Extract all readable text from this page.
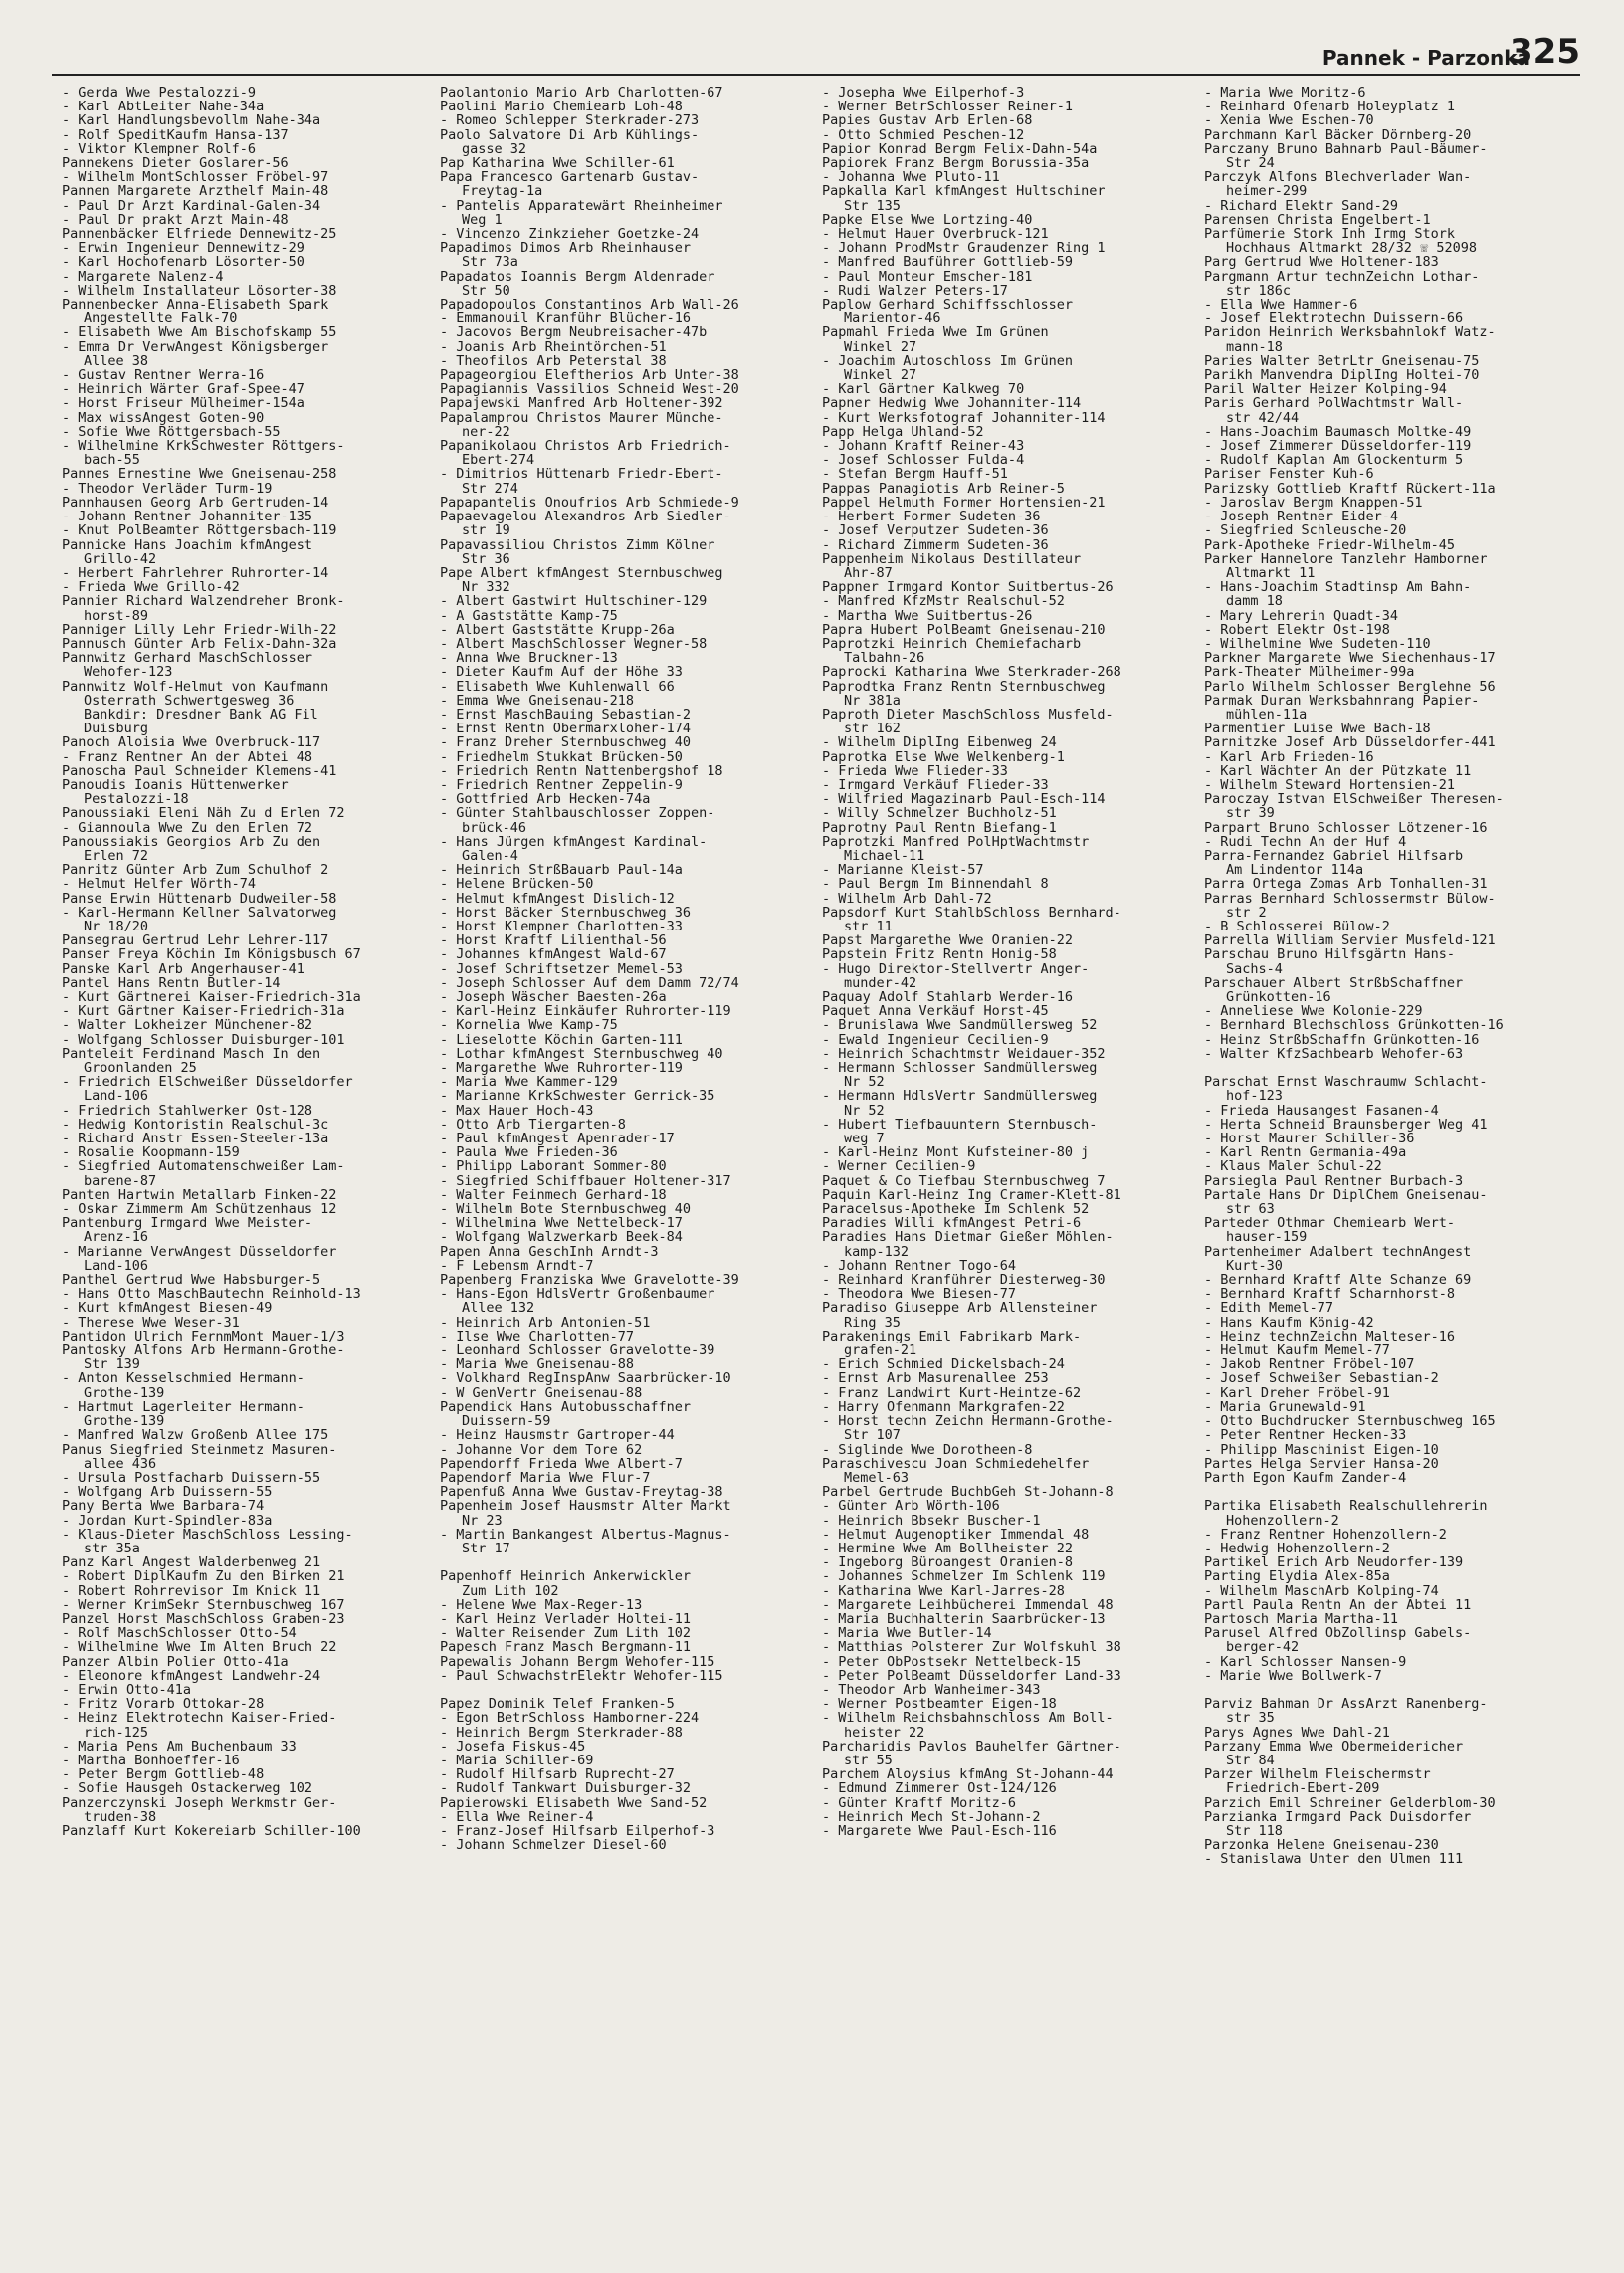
Pannek - Parzonka
325
- Gerda Wwe Pestalozzi-9
- Karl AbtLeiter Nahe-34a
- Karl Handlungsbevollm Nahe-34a
- Rolf SpeditKaufm Hansa-137
- Viktor Klempner Rolf-6
Pannekens Dieter Goslarer-56
- Wilhelm MontSchlosser Fröbel-97
Pannen Margarete Arzthelf Main-48
- Paul Dr Arzt Kardinal-Galen-34
- Paul Dr prakt Arzt Main-48
Pannenbäcker Elfriede Dennewitz-25
- Erwin Ingenieur Dennewitz-29
- Karl Hochofenarb Lösorter-50
- Margarete Nalenz-4
- Wilhelm Installateur Lösorter-38
Pannenbecker Anna-Elisabeth Spark
Angestellte Falk-70
- Elisabeth Wwe Am Bischofskamp 55
- Emma Dr VerwAngest Königsberger
Allee 38
- Gustav Rentner Werra-16
- Heinrich Wärter Graf-Spee-47
- Horst Friseur Mülheimer-154a
- Max wissAngest Goten-90
- Sofie Wwe Röttgersbach-55
- Wilhelmine KrkSchwester Röttgers-
bach-55
Pannes Ernestine Wwe Gneisenau-258
- Theodor Verläder Turm-19
Pannhausen Georg Arb Gertruden-14
- Johann Rentner Johanniter-135
- Knut PolBeamter Röttgersbach-119
Pannicke Hans Joachim kfmAngest
Grillo-42
- Herbert Fahrlehrer Ruhrorter-14
- Frieda Wwe Grillo-42
Pannier Richard Walzendreher Bronk-
horst-89
Panniger Lilly Lehr Friedr-Wilh-22
Pannusch Günter Arb Felix-Dahn-32a
Pannwitz Gerhard MaschSchlosser
Wehofer-123
Pannwitz Wolf-Helmut von Kaufmann
Osterrath Schwertgesweg 36
Bankdir: Dresdner Bank AG Fil
Duisburg
Panoch Aloisia Wwe Overbruck-117
- Franz Rentner An der Abtei 48
Panoscha Paul Schneider Klemens-41
Panoudis Ioanis Hüttenwerker
Pestalozzi-18
Panoussiaki Eleni Näh Zu d Erlen 72
- Giannoula Wwe Zu den Erlen 72
Panoussiakis Georgios Arb Zu den
Erlen 72
Panritz Günter Arb Zum Schulhof 2
- Helmut Helfer Wörth-74
Panse Erwin Hüttenarb Dudweiler-58
- Karl-Hermann Kellner Salvatorweg
Nr 18/20
Pansegrau Gertrud Lehr Lehrer-117
Panser Freya Köchin Im Königsbusch 67
Panske Karl Arb Angerhauser-41
Pantel Hans Rentn Butler-14
- Kurt Gärtnerei Kaiser-Friedrich-31a
- Kurt Gärtner Kaiser-Friedrich-31a
- Walter Lokheizer Münchener-82
- Wolfgang Schlosser Duisburger-101
Panteleit Ferdinand Masch In den
Groonlanden 25
- Friedrich ElSchweißer Düsseldorfer
Land-106
- Friedrich Stahlwerker Ost-128
- Hedwig Kontoristin Realschul-3c
- Richard Anstr Essen-Steeler-13a
- Rosalie Koopmann-159
- Siegfried Automatenschweißer Lam-
barene-87
Panten Hartwin Metallarb Finken-22
- Oskar Zimmerm Am Schützenhaus 12
Pantenburg Irmgard Wwe Meister-
Arenz-16
- Marianne VerwAngest Düsseldorfer
Land-106
Panthel Gertrud Wwe Habsburger-5
- Hans Otto MaschBautechn Reinhold-13
- Kurt kfmAngest Biesen-49
- Therese Wwe Weser-31
Pantidon Ulrich FernmMont Mauer-1/3
Pantosky Alfons Arb Hermann-Grothe-
Str 139
- Anton Kesselschmied Hermann-
Grothe-139
- Hartmut Lagerleiter Hermann-
Grothe-139
- Manfred Walzw Großenb Allee 175
Panus Siegfried Steinmetz Masuren-
allee 436
- Ursula Postfacharb Duissern-55
- Wolfgang Arb Duissern-55
Pany Berta Wwe Barbara-74
- Jordan Kurt-Spindler-83a
- Klaus-Dieter MaschSchloss Lessing-
str 35a
Panz Karl Angest Walderbenweg 21
- Robert DiplKaufm Zu den Birken 21
- Robert Rohrrevisor Im Knick 11
- Werner KrimSekr Sternbuschweg 167
Panzel Horst MaschSchloss Graben-23
- Rolf MaschSchlosser Otto-54
- Wilhelmine Wwe Im Alten Bruch 22
Panzer Albin Polier Otto-41a
- Eleonore kfmAngest Landwehr-24
- Erwin Otto-41a
- Fritz Vorarb Ottokar-28
- Heinz Elektrotechn Kaiser-Fried-
rich-125
- Maria Pens Am Buchenbaum 33
- Martha Bonhoeffer-16
- Peter Bergm Gottlieb-48
- Sofie Hausgeh Ostackerweg 102
Panzerczynski Joseph Werkmstr Ger-
truden-38
Panzlaff Kurt Kokereiarb Schiller-100
Paolantonio Mario Arb Charlotten-67
Paolini Mario Chemiearb Loh-48
- Romeo Schlepper Sterkrader-273
Paolo Salvatore Di Arb Kühlings-
gasse 32
Pap Katharina Wwe Schiller-61
Papa Francesco Gartenarb Gustav-
Freytag-1a
- Pantelis Apparatewärt Rheinheimer
Weg 1
- Vincenzo Zinkzieher Goetzke-24
Papadimos Dimos Arb Rheinhauser
Str 73a
Papadatos Ioannis Bergm Aldenrader
Str 50
Papadopoulos Constantinos Arb Wall-26
- Emmanouil Kranführ Blücher-16
- Jacovos Bergm Neubreisacher-47b
- Joanis Arb Rheintörchen-51
- Theofilos Arb Peterstal 38
Papageorgiou Eleftherios Arb Unter-38
Papagiannis Vassilios Schneid West-20
Papajewski Manfred Arb Holtener-392
Papalamprou Christos Maurer Münche-
ner-22
Papanikolaou Christos Arb Friedrich-
Ebert-274
- Dimitrios Hüttenarb Friedr-Ebert-
Str 274
Papapantelis Onoufrios Arb Schmiede-9
Papaevagelou Alexandros Arb Siedler-
str 19
Papavassiliou Christos Zimm Kölner
Str 36
Pape Albert kfmAngest Sternbuschweg
Nr 332
- Albert Gastwirt Hultschiner-129
- A Gaststätte Kamp-75
- Albert Gaststätte Krupp-26a
- Albert MaschSchlosser Wegner-58
- Anna Wwe Bruckner-13
- Dieter Kaufm Auf der Höhe 33
- Elisabeth Wwe Kuhlenwall 66
- Emma Wwe Gneisenau-218
- Ernst MaschBauing Sebastian-2
- Ernst Rentn Obermarxloher-174
- Franz Dreher Sternbuschweg 40
- Friedhelm Stukkat Brücken-50
- Friedrich Rentn Nattenbergshof 18
- Friedrich Rentner Zeppelin-9
- Gottfried Arb Hecken-74a
- Günter Stahlbauschlosser Zoppen-
brück-46
- Hans Jürgen kfmAngest Kardinal-
Galen-4
- Heinrich StrßBauarb Paul-14a
- Helene Brücken-50
- Helmut kfmAngest Dislich-12
- Horst Bäcker Sternbuschweg 36
- Horst Klempner Charlotten-33
- Horst Kraftf Lilienthal-56
- Johannes kfmAngest Wald-67
- Josef Schriftsetzer Memel-53
- Joseph Schlosser Auf dem Damm 72/74
- Joseph Wäscher Baesten-26a
- Karl-Heinz Einkäufer Ruhrorter-119
- Kornelia Wwe Kamp-75
- Lieselotte Köchin Garten-111
- Lothar kfmAngest Sternbuschweg 40
- Margarethe Wwe Ruhrorter-119
- Maria Wwe Kammer-129
- Marianne KrkSchwester Gerrick-35
- Max Hauer Hoch-43
- Otto Arb Tiergarten-8
- Paul kfmAngest Apenrader-17
- Paula Wwe Frieden-36
- Philipp Laborant Sommer-80
- Siegfried Schiffbauer Holtener-317
- Walter Feinmech Gerhard-18
- Wilhelm Bote Sternbuschweg 40
- Wilhelmina Wwe Nettelbeck-17
- Wolfgang Walzwerkarb Beek-84
Papen Anna GeschInh Arndt-3
- F Lebensm Arndt-7
Papenberg Franziska Wwe Gravelotte-39
- Hans-Egon HdlsVertr Großenbaumer
Allee 132
- Heinrich Arb Antonien-51
- Ilse Wwe Charlotten-77
- Leonhard Schlosser Gravelotte-39
- Maria Wwe Gneisenau-88
- Volkhard RegInspAnw Saarbrücker-10
- W GenVertr Gneisenau-88
Papendick Hans Autobusschaffner
Duissern-59
- Heinz Hausmstr Gartroper-44
- Johanne Vor dem Tore 62
Papendorff Frieda Wwe Albert-7
Papendorf Maria Wwe Flur-7
Papenfuß Anna Wwe Gustav-Freytag-38
Papenheim Josef Hausmstr Alter Markt
Nr 23
- Martin Bankangest Albertus-Magnus-
Str 17

Papenhoff Heinrich Ankerwickler
Zum Lith 102
- Helene Wwe Max-Reger-13
- Karl Heinz Verlader Holtei-11
- Walter Reisender Zum Lith 102
Papesch Franz Masch Bergmann-11
Papewalis Johann Bergm Wehofer-115
- Paul SchwachstrElektr Wehofer-115

Papez Dominik Telef Franken-5
- Egon BetrSchloss Hamborner-224
- Heinrich Bergm Sterkrader-88
- Josefa Fiskus-45
- Maria Schiller-69
- Rudolf Hilfsarb Ruprecht-27
- Rudolf Tankwart Duisburger-32
Papierowski Elisabeth Wwe Sand-52
- Ella Wwe Reiner-4
- Franz-Josef Hilfsarb Eilperhof-3
- Johann Schmelzer Diesel-60
- Josepha Wwe Eilperhof-3
- Werner BetrSchlosser Reiner-1
Papies Gustav Arb Erlen-68
- Otto Schmied Peschen-12
Papior Konrad Bergm Felix-Dahn-54a
Papiorek Franz Bergm Borussia-35a
- Johanna Wwe Pluto-11
Papkalla Karl kfmAngest Hultschiner
Str 135
Papke Else Wwe Lortzing-40
- Helmut Hauer Overbruck-121
- Johann ProdMstr Graudenzer Ring 1
- Manfred Bauführer Gottlieb-59
- Paul Monteur Emscher-181
- Rudi Walzer Peters-17
Paplow Gerhard Schiffsschlosser
Marientor-46
Papmahl Frieda Wwe Im Grünen
Winkel 27
- Joachim Autoschloss Im Grünen
Winkel 27
- Karl Gärtner Kalkweg 70
Papner Hedwig Wwe Johanniter-114
- Kurt Werksfotograf Johanniter-114
Papp Helga Uhland-52
- Johann Kraftf Reiner-43
- Josef Schlosser Fulda-4
- Stefan Bergm Hauff-51
Pappas Panagiotis Arb Reiner-5
Pappel Helmuth Former Hortensien-21
- Herbert Former Sudeten-36
- Josef Verputzer Sudeten-36
- Richard Zimmerm Sudeten-36
Pappenheim Nikolaus Destillateur
Ahr-87
Pappner Irmgard Kontor Suitbertus-26
- Manfred KfzMstr Realschul-52
- Martha Wwe Suitbertus-26
Papra Hubert PolBeamt Gneisenau-210
Paprotzki Heinrich Chemiefacharb
Talbahn-26
Paprocki Katharina Wwe Sterkrader-268
Paprodtka Franz Rentn Sternbuschweg
Nr 381a
Paproth Dieter MaschSchloss Musfeld-
str 162
- Wilhelm DiplIng Eibenweg 24
Paprotka Else Wwe Welkenberg-1
- Frieda Wwe Flieder-33
- Irmgard Verkäuf Flieder-33
- Wilfried Magazinarb Paul-Esch-114
- Willy Schmelzer Buchholz-51
Paprotny Paul Rentn Biefang-1
Paprotzki Manfred PolHptWachtmstr
Michael-11
- Marianne Kleist-57
- Paul Bergm Im Binnendahl 8
- Wilhelm Arb Dahl-72
Papsdorf Kurt StahlbSchloss Bernhard-
str 11
Papst Margarethe Wwe Oranien-22
Papstein Fritz Rentn Honig-58
- Hugo Direktor-Stellvertr Anger-
munder-42
Paquay Adolf Stahlarb Werder-16
Paquet Anna Verkäuf Horst-45
- Brunislawa Wwe Sandmüllersweg 52
- Ewald Ingenieur Cecilien-9
- Heinrich Schachtmstr Weidauer-352
- Hermann Schlosser Sandmüllersweg
Nr 52
- Hermann HdlsVertr Sandmüllersweg
Nr 52
- Hubert Tiefbauuntern Sternbusch-
weg 7
- Karl-Heinz Mont Kufsteiner-80 j
- Werner Cecilien-9
Paquet & Co Tiefbau Sternbuschweg 7
Paquin Karl-Heinz Ing Cramer-Klett-81
Paracelsus-Apotheke Im Schlenk 52
Paradies Willi kfmAngest Petri-6
Paradies Hans Dietmar Gießer Möhlen-
kamp-132
- Johann Rentner Togo-64
- Reinhard Kranführer Diesterweg-30
- Theodora Wwe Biesen-77
Paradiso Giuseppe Arb Allensteiner
Ring 35
Parakenings Emil Fabrikarb Mark-
grafen-21
- Erich Schmied Dickelsbach-24
- Ernst Arb Masurenallee 253
- Franz Landwirt Kurt-Heintze-62
- Harry Ofenmann Markgrafen-22
- Horst techn Zeichn Hermann-Grothe-
Str 107
- Siglinde Wwe Dorotheen-8
Paraschivescu Joan Schmiedehelfer
Memel-63
Parbel Gertrude BuchbGeh St-Johann-8
- Günter Arb Wörth-106
- Heinrich Bbsekr Buscher-1
- Helmut Augenoptiker Immendal 48
- Hermine Wwe Am Bollheister 22
- Ingeborg Büroangest Oranien-8
- Johannes Schmelzer Im Schlenk 119
- Katharina Wwe Karl-Jarres-28
- Margarete Leihbücherei Immendal 48
- Maria Buchhalterin Saarbrücker-13
- Maria Wwe Butler-14
- Matthias Polsterer Zur Wolfskuhl 38
- Peter ObPostsekr Nettelbeck-15
- Peter PolBeamt Düsseldorfer Land-33
- Theodor Arb Wanheimer-343
- Werner Postbeamter Eigen-18
- Wilhelm Reichsbahnschloss Am Boll-
heister 22
Parcharidis Pavlos Bauhelfer Gärtner-
str 55
Parchem Aloysius kfmAng St-Johann-44
- Edmund Zimmerer Ost-124/126
- Günter Kraftf Moritz-6
- Heinrich Mech St-Johann-2
- Margarete Wwe Paul-Esch-116
- Maria Wwe Moritz-6
- Reinhard Ofenarb Holeyplatz 1
- Xenia Wwe Eschen-70
Parchmann Karl Bäcker Dörnberg-20
Parczany Bruno Bahnarb Paul-Bäumer-
Str 24
Parczyk Alfons Blechverlader Wan-
heimer-299
- Richard Elektr Sand-29
Parensen Christa Engelbert-1
Parfümerie Stork Inh Irmg Stork
Hochhaus Altmarkt 28/32 ☏ 52098
Parg Gertrud Wwe Holtener-183
Pargmann Artur technZeichn Lothar-
str 186c
- Ella Wwe Hammer-6
- Josef Elektrotechn Duissern-66
Paridon Heinrich Werksbahnlokf Watz-
mann-18
Paries Walter BetrLtr Gneisenau-75
Parikh Manvendra DiplIng Holtei-70
Paril Walter Heizer Kolping-94
Paris Gerhard PolWachtmstr Wall-
str 42/44
- Hans-Joachim Baumasch Moltke-49
- Josef Zimmerer Düsseldorfer-119
- Rudolf Kaplan Am Glockenturm 5
Pariser Fenster Kuh-6
Parizsky Gottlieb Kraftf Rückert-11a
- Jaroslav Bergm Knappen-51
- Joseph Rentner Eider-4
- Siegfried Schleusche-20
Park-Apotheke Friedr-Wilhelm-45
Parker Hannelore Tanzlehr Hamborner
Altmarkt 11
- Hans-Joachim Stadtinsp Am Bahn-
damm 18
- Mary Lehrerin Quadt-34
- Robert Elektr Ost-198
- Wilhelmine Wwe Sudeten-110
Parkner Margarete Wwe Siechenhaus-17
Park-Theater Mülheimer-99a
Parlo Wilhelm Schlosser Berglehne 56
Parmak Duran Werksbahnrang Papier-
mühlen-11a
Parmentier Luise Wwe Bach-18
Parnitzke Josef Arb Düsseldorfer-441
- Karl Arb Frieden-16
- Karl Wächter An der Pützkate 11
- Wilhelm Steward Hortensien-21
Paroczay Istvan ElSchweißer Theresen-
str 39
Parpart Bruno Schlosser Lötzener-16
- Rudi Techn An der Huf 4
Parra-Fernandez Gabriel Hilfsarb
Am Lindentor 114a
Parra Ortega Zomas Arb Tonhallen-31
Parras Bernhard Schlossermstr Bülow-
str 2
- B Schlosserei Bülow-2
Parrella William Servier Musfeld-121
Parschau Bruno Hilfsgärtn Hans-
Sachs-4
Parschauer Albert StrßbSchaffner
Grünkotten-16
- Anneliese Wwe Kolonie-229
- Bernhard Blechschloss Grünkotten-16
- Heinz StrßbSchaffn Grünkotten-16
- Walter KfzSachbearb Wehofer-63

Parschat Ernst Waschraumw Schlacht-
hof-123
- Frieda Hausangest Fasanen-4
- Herta Schneid Braunsberger Weg 41
- Horst Maurer Schiller-36
- Karl Rentn Germania-49a
- Klaus Maler Schul-22
Parsiegla Paul Rentner Burbach-3
Partale Hans Dr DiplChem Gneisenau-
str 63
Parteder Othmar Chemiearb Wert-
hauser-159
Partenheimer Adalbert technAngest
Kurt-30
- Bernhard Kraftf Alte Schanze 69
- Bernhard Kraftf Scharnhorst-8
- Edith Memel-77
- Hans Kaufm König-42
- Heinz technZeichn Malteser-16
- Helmut Kaufm Memel-77
- Jakob Rentner Fröbel-107
- Josef Schweißer Sebastian-2
- Karl Dreher Fröbel-91
- Maria Grunewald-91
- Otto Buchdrucker Sternbuschweg 165
- Peter Rentner Hecken-33
- Philipp Maschinist Eigen-10
Partes Helga Servier Hansa-20
Parth Egon Kaufm Zander-4

Partika Elisabeth Realschullehrerin
Hohenzollern-2
- Franz Rentner Hohenzollern-2
- Hedwig Hohenzollern-2
Partikel Erich Arb Neudorfer-139
Parting Elydia Alex-85a
- Wilhelm MaschArb Kolping-74
Partl Paula Rentn An der Abtei 11
Partosch Maria Martha-11
Parusel Alfred ObZollinsp Gabels-
berger-42
- Karl Schlosser Nansen-9
- Marie Wwe Bollwerk-7

Parviz Bahman Dr AssArzt Ranenberg-
str 35
Parys Agnes Wwe Dahl-21
Parzany Emma Wwe Obermeidericher
Str 84
Parzer Wilhelm Fleischermstr
Friedrich-Ebert-209
Parzich Emil Schreiner Gelderblom-30
Parzianka Irmgard Pack Duisdorfer
Str 118
Parzonka Helene Gneisenau-230
- Stanislawa Unter den Ulmen 111
